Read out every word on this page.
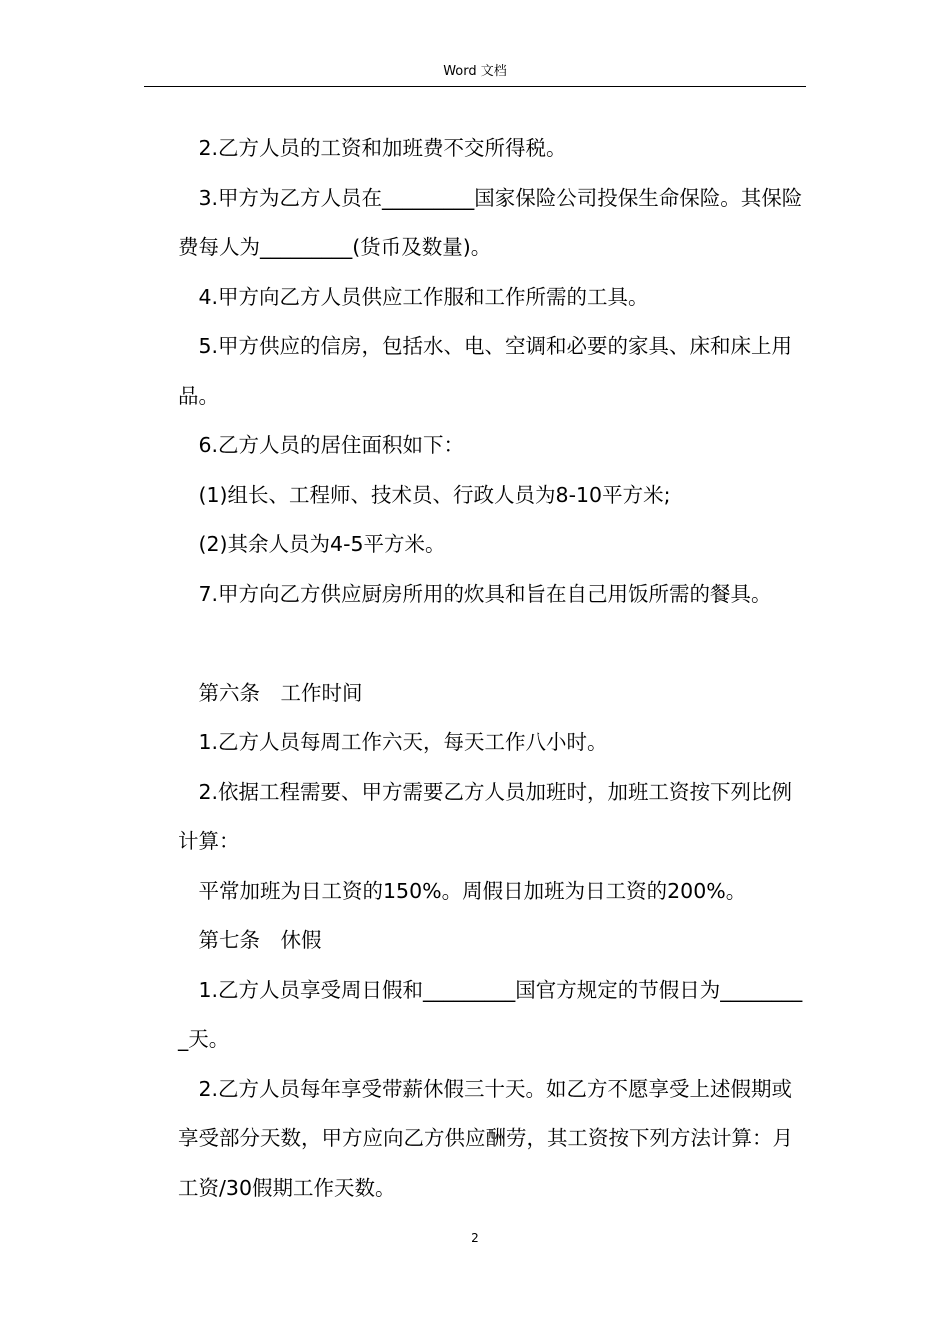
Word 文档

2.乙方人员的工资和加班费不交所得税。

3.甲方为乙方人员在_________国家保险公司投保生命保险。其保险费每人为_________(货币及数量)。

4.甲方向乙方人员供应工作服和工作所需的工具。

5.甲方供应的信房，包括水、电、空调和必要的家具、床和床上用品。

6.乙方人员的居住面积如下：

(1)组长、工程师、技术员、行政人员为8-10平方米;

(2)其余人员为4-5平方米。

7.甲方向乙方供应厨房所用的炊具和旨在自己用饭所需的餐具。

第六条　工作时间

1.乙方人员每周工作六天，每天工作八小时。

2.依据工程需要、甲方需要乙方人员加班时，加班工资按下列比例计算：

平常加班为日工资的150%。周假日加班为日工资的200%。

第七条　休假

1.乙方人员享受周日假和_________国官方规定的节假日为_________天。

2.乙方人员每年享受带薪休假三十天。如乙方不愿享受上述假期或享受部分天数，甲方应向乙方供应酬劳，其工资按下列方法计算：月工资/30假期工作天数。

2
